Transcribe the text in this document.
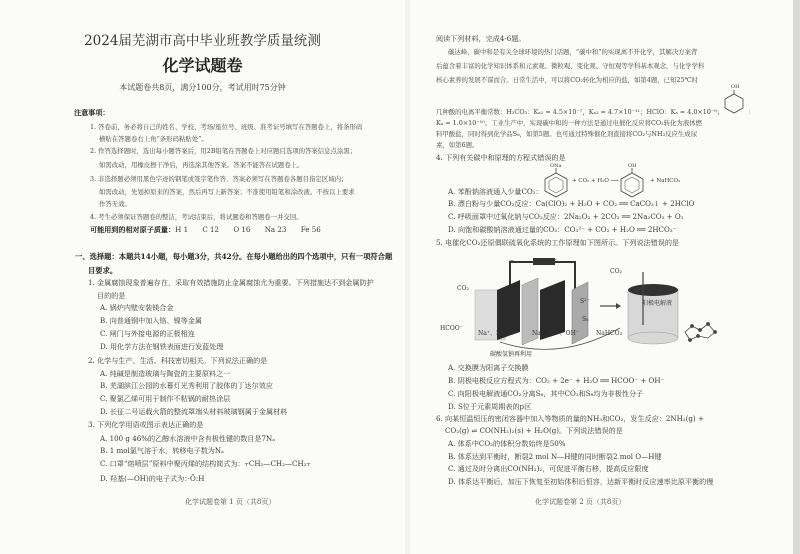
2024届芜湖市高中毕业班教学质量统测
化学试题卷
本试题卷共8页，满分100分，考试用时75分钟
注意事项：
1. 答卷前，务必将自己的姓名、学校、考场/座位号、班级、准考证号填写在答题卷上，将条形码
横贴在答题卷右上角“条形码粘贴处”。
2. 作答选择题时，选出每小题答案后，用2B铅笔在答题卷上对应题目选项的答案信息点涂黑；
如需改动，用橡皮擦干净后，再选涂其他答案。答案不能答在试题卷上。
3. 非选择题必须用黑色字迹的钢笔或签字笔作答，答案必须写在答题卷各题目指定区域内；
如需改动，先划掉原来的答案，然后再写上新答案；不准使用铅笔和涂改液。不按以上要求
作答无效。
4. 考生必须保证答题卷的整洁，考试结束后，将试题卷和答题卷一并交回。
可能用到的相对原子质量：H 1 C 12 O 16 Na 23 Fe 56
一、选择题：本题共14小题，每小题3分，共42分。在每小题给出的四个选项中，只有一项符合题
目要求。
1. 金属腐蚀现象普遍存在，采取有效措施防止金属腐蚀尤为重要。下列措施达不到金属防护
目的的是
A. 锅炉内壁安装镁合金
B. 向普通钢中加入铬、镍等金属
C. 闸门与外接电源的正极相连
D. 用化学方法在钢铁表面进行发蓝处理
2. 化学与生产、生活、科技密切相关。下列说法正确的是
A. 纯碱是制造玻璃与陶瓷的主要原料之一
B. 芜湖滨江公园的水幕灯光秀利用了胶体的丁达尔效应
C. 聚氯乙烯可用于制作不粘锅的耐热涂层
D. 长征二号运载火箭的整流罩端头材料玻璃钢属于金属材料
3. 下列化学用语或图示表达正确的是
A. 100 g 46%的乙醇水溶液中含有极性键的数目是7Nₐ
B. 1 mol氯气溶于水，转移电子数为Nₐ
C. 口罩“熔喷层”原料中聚丙烯的结构简式为：⫟CH₂—CH₂—CH₂⫟
D. 羟基(—OH)的电子式为：·Ö:H
化学试题卷第 1 页（共8页）
阅读下列材料，完成4-6题。
碳达峰、碳中和是有关全球环境的热门话题，“碳中和”的实现离不开化学，其解决方案背
后蕴含着丰富的化学知识体系和元素观、微粒观、变化观、守恒观等学科基本观念，与化学学科
核心素养的发展不谋而合。日常生活中，可以将CO₂转化为相应的盐，如第4题，已知25℃时
几种酸的电离平衡常数：H₂CO₃：Kₐ₁ = 4.5×10⁻⁷，Kₐ₂ = 4.7×10⁻¹¹；HClO：Kₐ = 4.0×10⁻⁸；
OH
：
Kₐ = 1.0×10⁻¹⁰。工业生产中，实现碳中和的一种方法是通过电催化反应将CO₂转化为液体燃
料甲酸盐，同时得到化学品S₈，如第5题。也可通过特殊催化剂直接将CO₂与NH₃反应生成尿
素，如第6题。
4. 下列有关碳中和原理的方程式错误的是
A. 苯酚钠溶液通入少量CO₂：
ONa
+ CO₂ + H₂O ⟶
OH
+ NaHCO₃
B. 漂白粉与少量CO₂反应：Ca(ClO)₂ + H₂O + CO₂ ══ CaCO₃↓ + 2HClO
C. 呼吸面罩中过氧化钠与CO₂反应：2Na₂O₂ + 2CO₂ ══ 2Na₂CO₃ + O₂
D. 向饱和碳酸钠溶液通过量的CO₂：CO₃²⁻ + CO₂ + H₂O ══ 2HCO₃⁻
5. 电催化CO₂还原偶联硫氧化系统的工作原理如下图所示。下列说法错误的是
−	+
CO₂
HCOO⁻
Na⁺、HCO₃⁻	Na⁺、S²⁻、OH⁻
S²⁻
S₈
NaHCO₃
CO₂
阳极电解液
碳酸氢钠再利用
A. 交换膜为阳离子交换膜
B. 阴极电极反应方程式为：CO₂ + 2e⁻ + H₂O ══ HCOO⁻ + OH⁻
C. 向阳极电解液通CO₂分离S₈，其中CO₂和S₈均为非极性分子
D. S位于元素周期表的p区
6. 向某恒温恒压的密闭容器中加入等物质的量的NH₃和CO₂，发生反应：2NH₃(g) +
CO₂(g) ⇌ CO(NH₂)₂(s) + H₂O(g)。下列说法错误的是
A. 体系中CO₂的体积分数始终是50%
B. 体系达到平衡时，断裂2 mol N—H键的同时断裂2 mol O—H键
C. 通过及时分离出CO(NH₂)₂，可促进平衡右移，提高反应限度
D. 体系达平衡后，加压下恢复至初始体积后恒容，达新平衡时反应速率比原平衡的慢
化学试题卷第 2 页（共8页）
